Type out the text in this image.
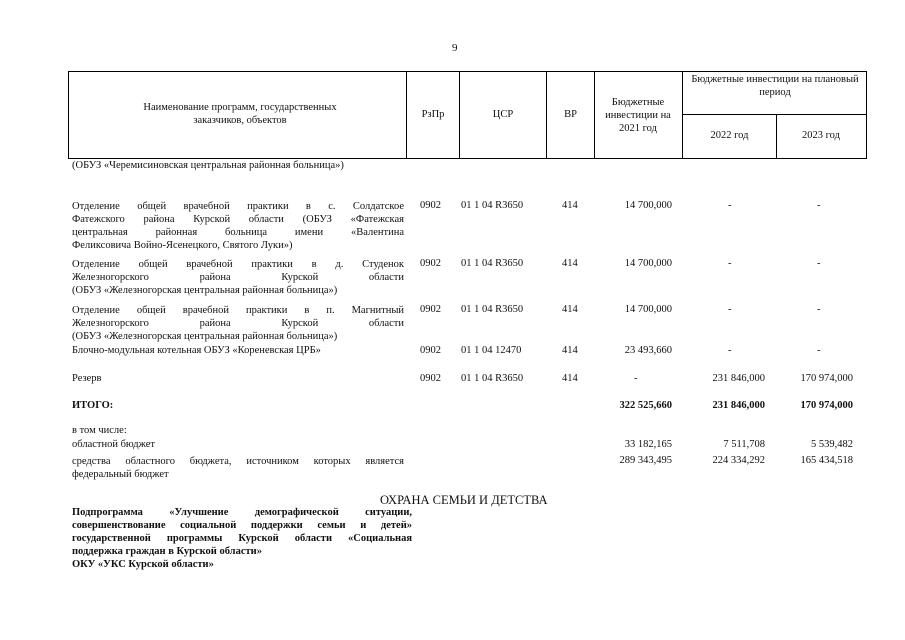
9
Наименование программ, государственных заказчиков, объектов
РзПр	ЦСР	ВР
Бюджетные инвестиции на 2021 год
Бюджетные инвестиции на плановый период
2022 год	2023 год
(ОБУЗ «Черемисиновская центральная районная больница»)
Отделение общей врачебной практики в с. Солдатское
Фатежского района Курской области (ОБУЗ «Фатежская
центральная районная больница имени «Валентина
Феликсовича Войно-Ясенецкого, Святого Луки»)
0902 01 1 04 R3650	414	14 700,000	-	-
Отделение общей врачебной практики в д. Студенок
Железногорского района Курской области
(ОБУЗ «Железногорская центральная районная больница»)
0902 01 1 04 R3650	414	14 700,000	-	-
Отделение общей врачебной практики в п. Магнитный
Железногорского района Курской области
(ОБУЗ «Железногорская центральная районная больница»)
0902 01 1 04 R3650	414	14 700,000	-	-
Блочно-модульная котельная ОБУЗ «Кореневская ЦРБ»	0902 01 1 04 12470	414	23 493,660	-	-
Резерв	0902 01 1 04 R3650	414	-	231 846,000	170 974,000
ИТОГО:	322 525,660	231 846,000	170 974,000
в том числе:
областной бюджет	33 182,165	7 511,708	5 539,482
средства областного бюджета, источником которых является
федеральный бюджет
289 343,495	224 334,292	165 434,518
ОХРАНА СЕМЬИ И ДЕТСТВА
Подпрограмма «Улучшение демографической ситуации,
совершенствование социальной поддержки семьи и детей»
государственной программы Курской области «Социальная
поддержка граждан в Курской области»
ОКУ «УКС Курской области»
